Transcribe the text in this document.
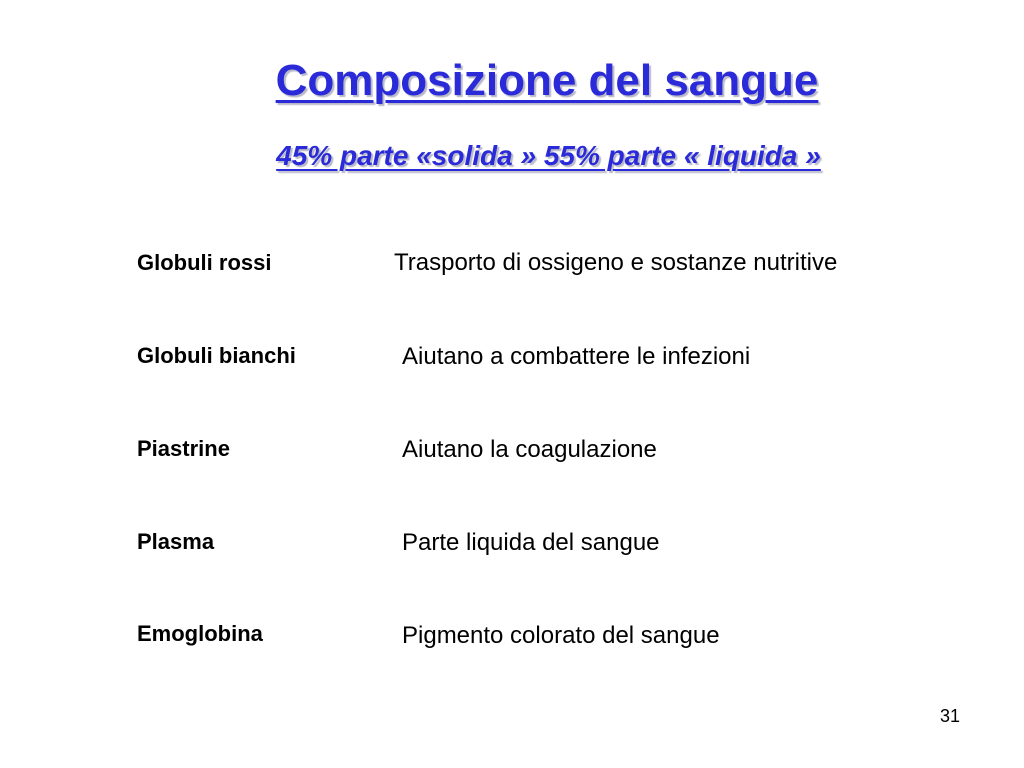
Composizione del sangue
45% parte «solida » 55% parte « liquida »
Globuli rossi	Trasporto di ossigeno e sostanze nutritive
Globuli bianchi	Aiutano a combattere le infezioni
Piastrine	Aiutano la coagulazione
Plasma	Parte liquida del sangue
Emoglobina	Pigmento colorato del sangue
31
